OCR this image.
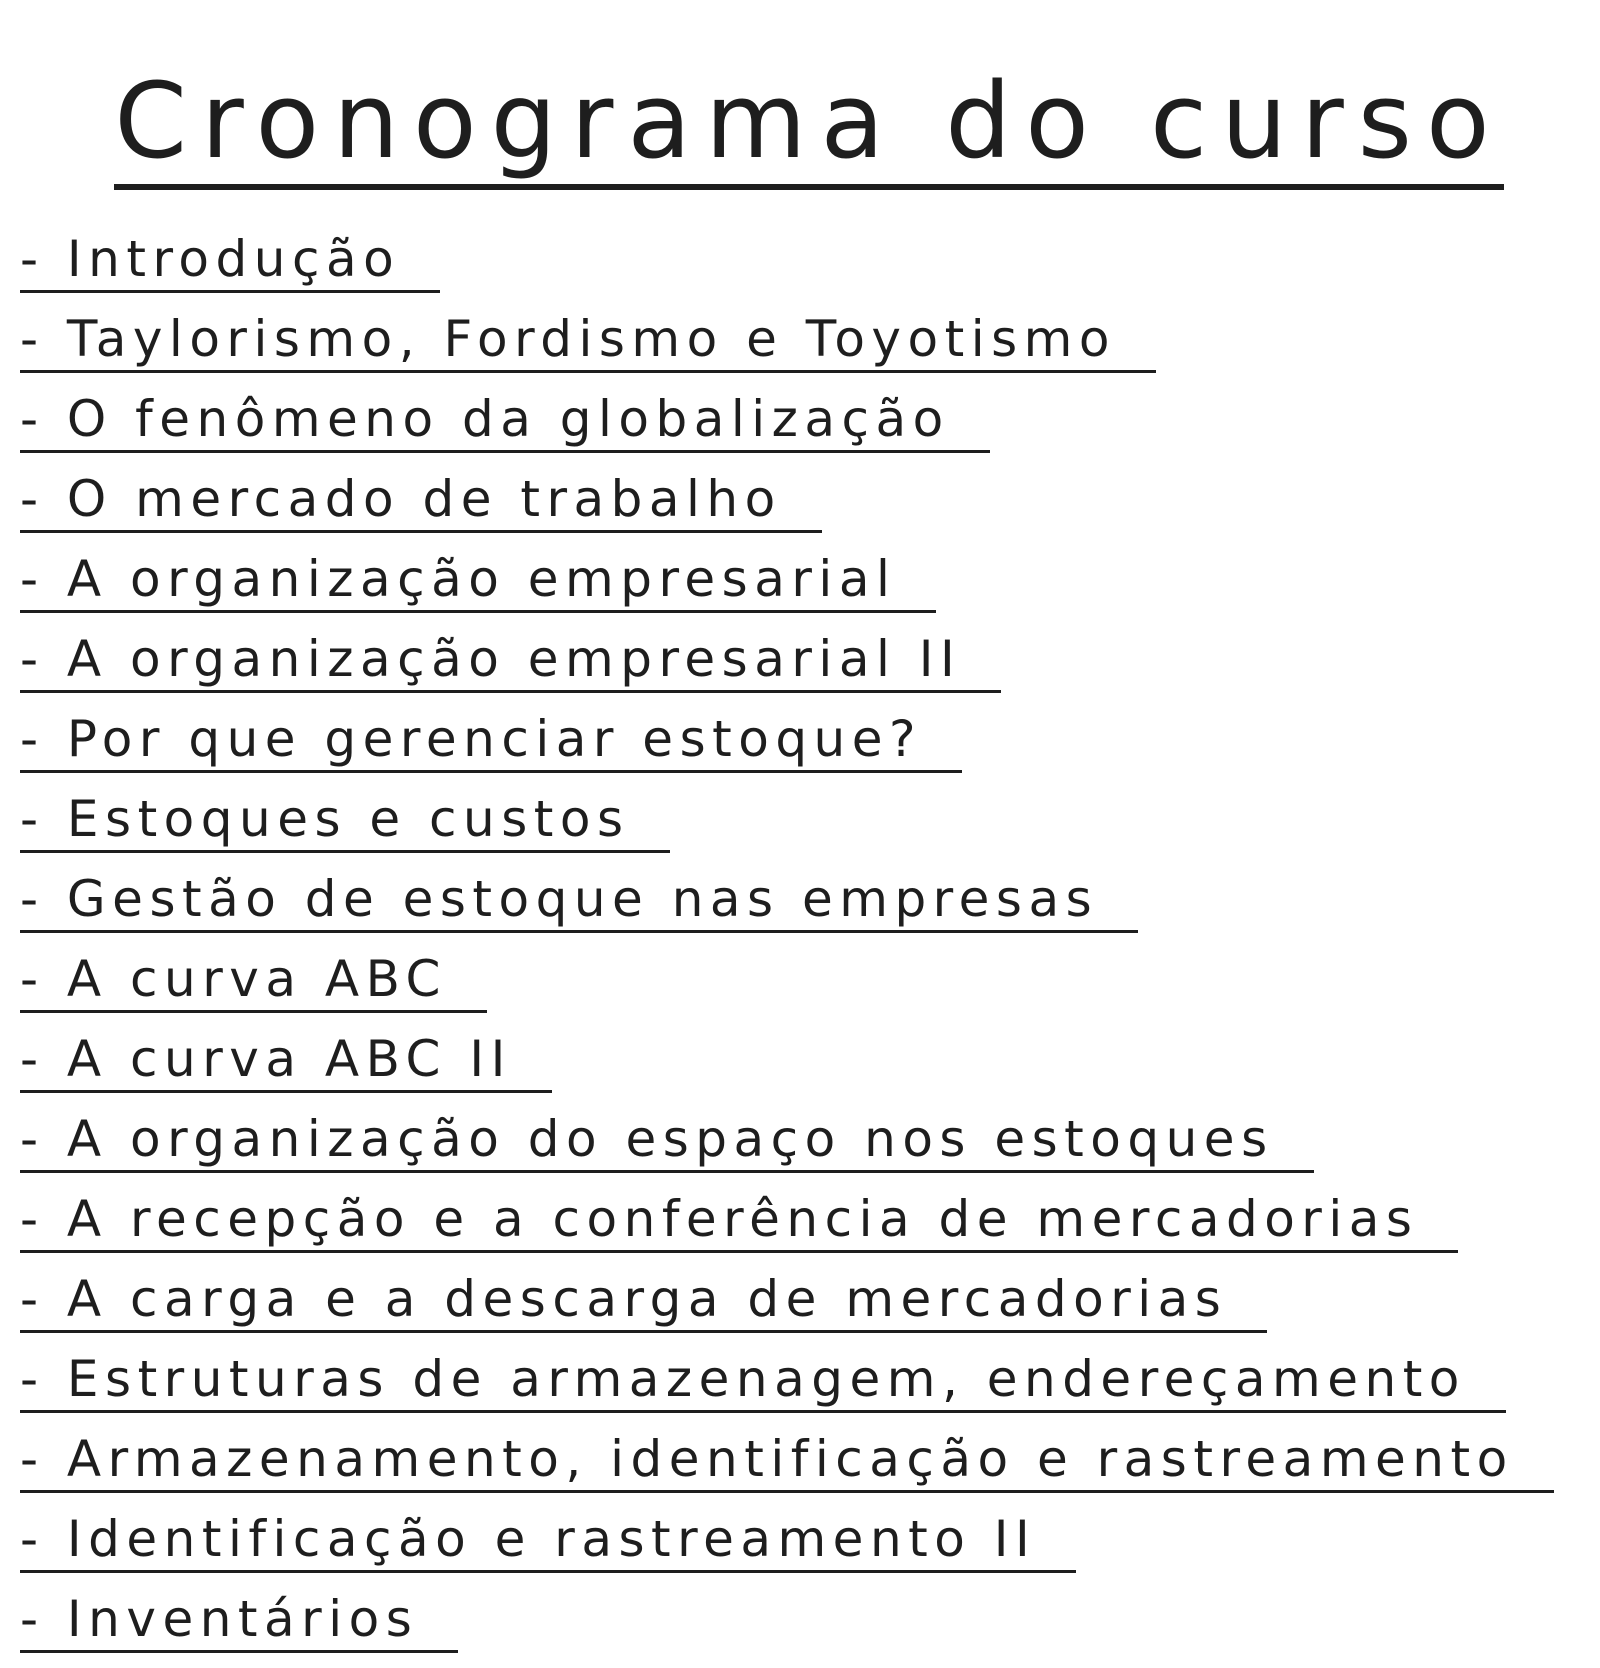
Cronograma do curso
- Introdução
- Taylorismo, Fordismo e Toyotismo
- O fenômeno da globalização
- O mercado de trabalho
- A organização empresarial
- A organização empresarial II
- Por que gerenciar estoque?
- Estoques e custos
- Gestão de estoque nas empresas
- A curva ABC
- A curva ABC II
- A organização do espaço nos estoques
- A recepção e a conferência de mercadorias
- A carga e a descarga de mercadorias
- Estruturas de armazenagem, endereçamento
- Armazenamento, identificação e rastreamento
- Identificação e rastreamento II
- Inventários
